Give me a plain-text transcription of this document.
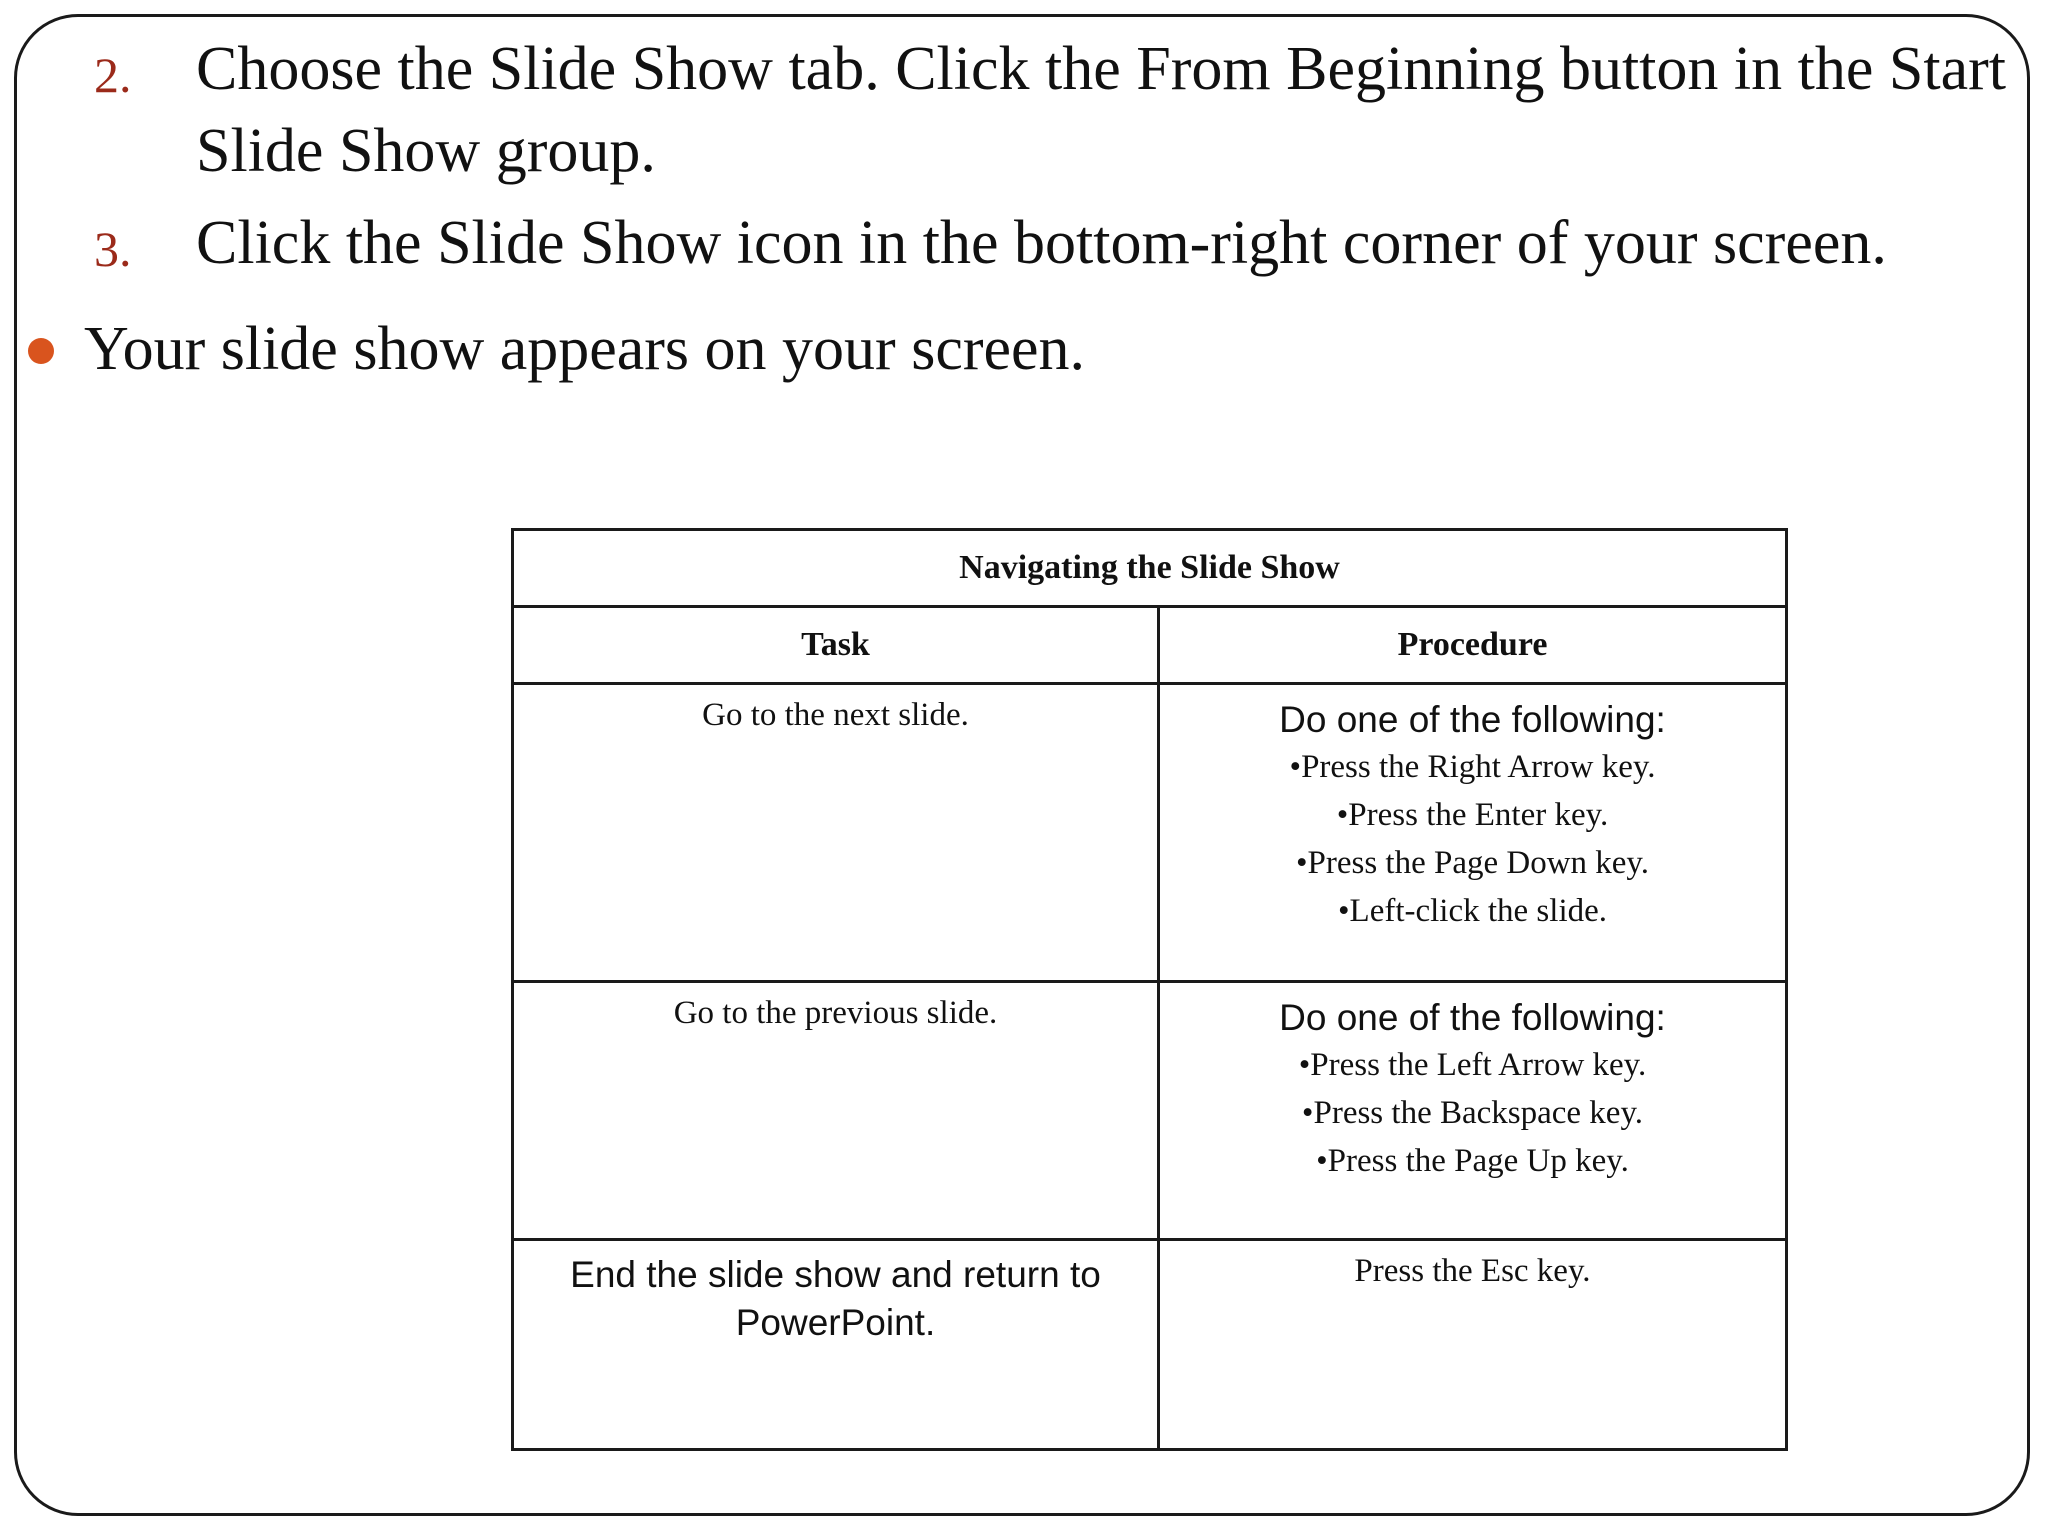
2. Choose the Slide Show tab. Click the From Beginning button in the Start Slide Show group.
3. Click the Slide Show icon in the bottom-right corner of your screen.
Your slide show appears on your screen.
Navigating the Slide Show	
Task	Procedure
Go to the next slide.	Do one of the following:
•Press the Right Arrow key.
•Press the Enter key.
•Press the Page Down key.
•Left-click the slide.

Go to the previous slide.	Do one of the following:
•Press the Left Arrow key.
•Press the Backspace key.
•Press the Page Up key.

End the slide show and return to PowerPoint.	Press the Esc key.
